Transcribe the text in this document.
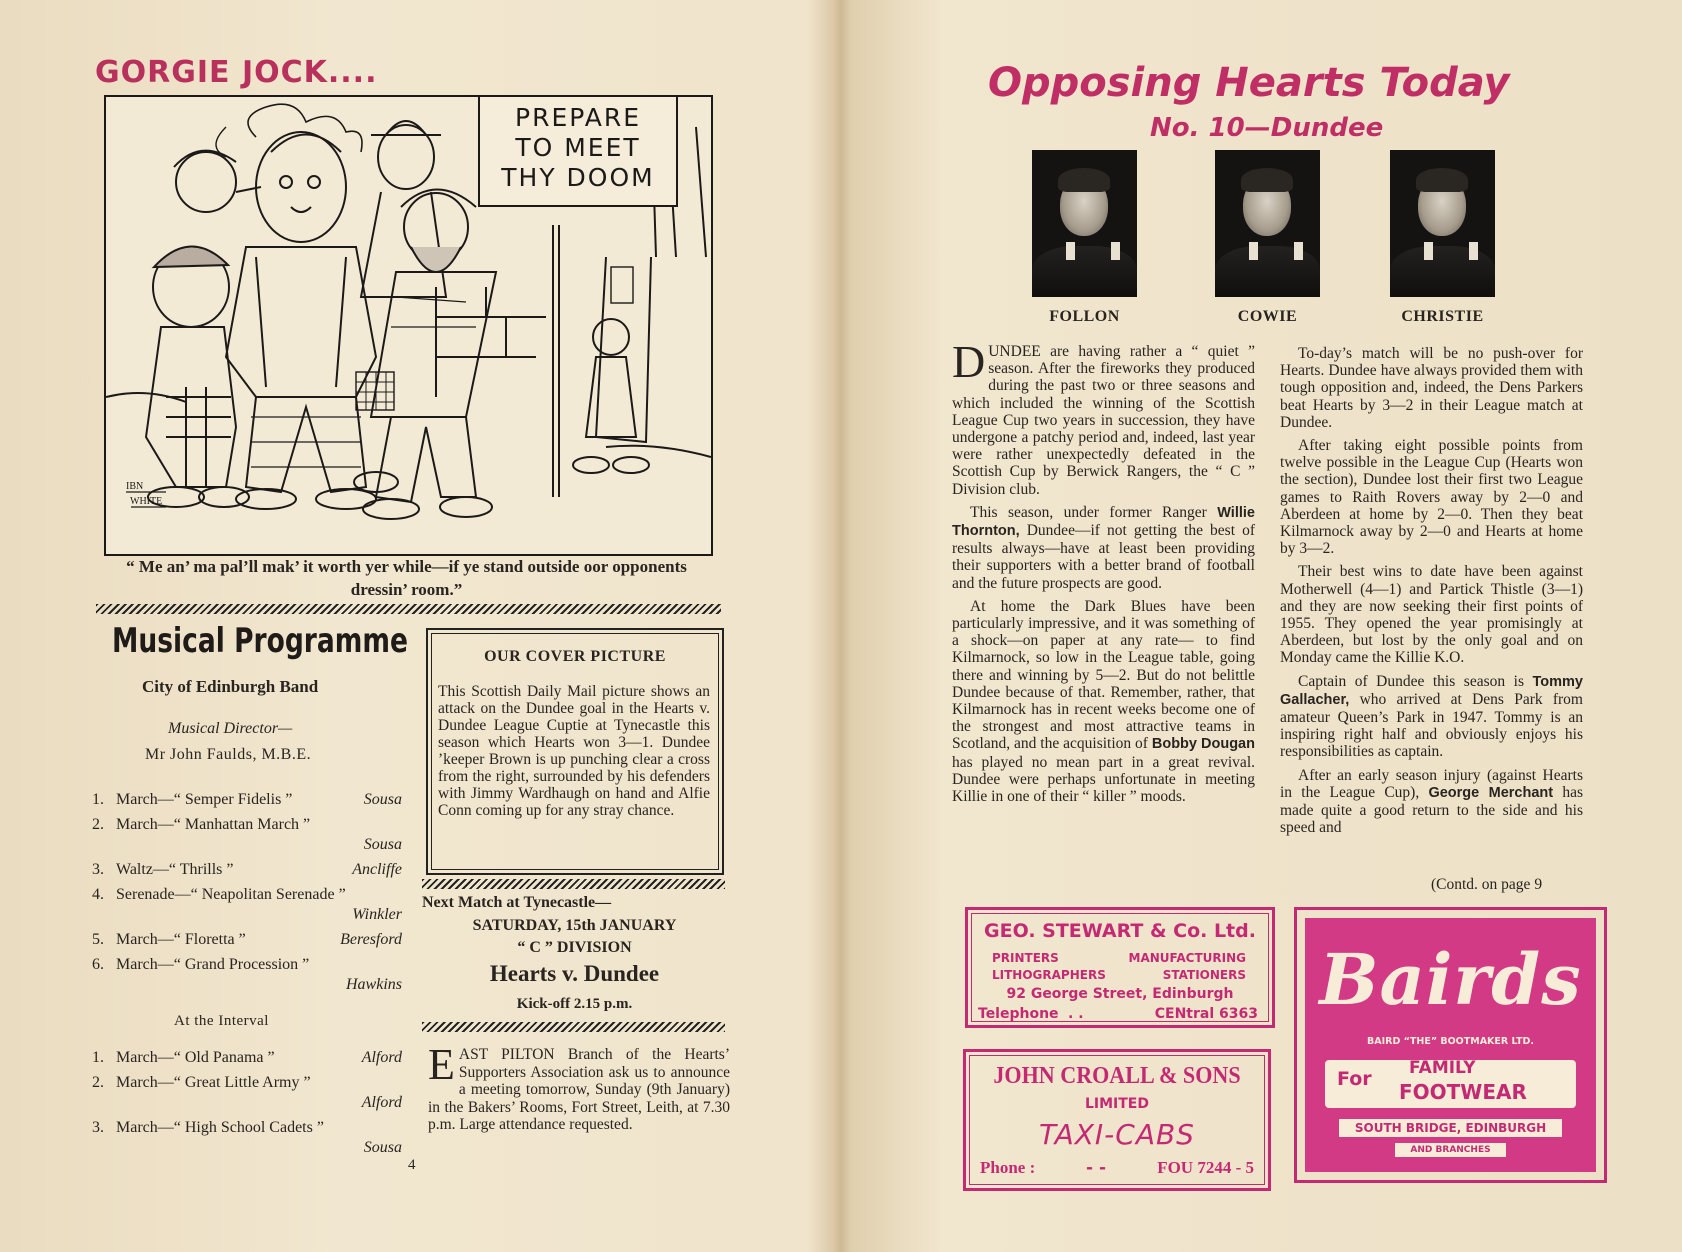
GORGIE JOCK....
IBN
WHITE
PREPARE
TO MEET
THY DOOM
“ Me an’ ma pal’ll mak’ it worth yer while—if ye stand outside oor opponents dressin’ room.”
Musical Programme
City of Edinburgh Band
Musical Director—
Mr John Faulds, M.B.E.
1. March—“ Semper Fidelis ”	Sousa
2. March—“ Manhattan March ”
Sousa
3. Waltz—“ Thrills ”	Ancliffe
4. Serenade—“ Neapolitan Serenade ”
Winkler
5. March—“ Floretta ”	Beresford
6. March—“ Grand Procession ”
Hawkins
At the Interval
1. March—“ Old Panama ”	Alford
2. March—“ Great Little Army ”
Alford
3. March—“ High School Cadets ”
Sousa
OUR COVER PICTURE
This Scottish Daily Mail picture shows an attack on the Dundee goal in the Hearts v. Dundee League Cuptie at Tynecastle this season which Hearts won 3—1. Dundee ’keeper Brown is up punching clear a cross from the right, surrounded by his defenders with Jimmy Wardhaugh on hand and Alfie Conn coming up for any stray chance.
Next Match at Tynecastle—
SATURDAY, 15th JANUARY
“ C ” DIVISION
Hearts v. Dundee
Kick-off 2.15 p.m.
EAST PILTON Branch of the Hearts’ Supporters Association ask us to announce a meeting tomorrow, Sunday (9th January) in the Bakers’ Rooms, Fort Street, Leith, at 7.30 p.m. Large attendance requested.
4
Opposing Hearts Today
No. 10—Dundee
FOLLON	COWIE	CHRISTIE

DUNDEE are having rather a “ quiet ” season. After the fireworks they produced during the past two or three seasons and which included the winning of the Scottish League Cup two years in succession, they have undergone a patchy period and, indeed, last year were rather unexpectedly defeated in the Scottish Cup by Berwick Rangers, the “ C ” Division club.

This season, under former Ranger Willie Thornton, Dundee—if not getting the best of results always—have at least been providing their supporters with a better brand of football and the future prospects are good.

At home the Dark Blues have been particularly impressive, and it was something of a shock—on paper at any rate— to find Kilmarnock, so low in the League table, going there and winning by 5—2. But do not belittle Dundee because of that. Remember, rather, that Kilmarnock has in recent weeks become one of the strongest and most attractive teams in Scotland, and the acquisition of Bobby Dougan has played no mean part in a great revival. Dundee were perhaps unfortunate in meeting Killie in one of their “ killer ” moods.

To-day’s match will be no push-over for Hearts. Dundee have always provided them with tough opposition and, indeed, the Dens Parkers beat Hearts by 3—2 in their League match at Dundee.

After taking eight possible points from twelve possible in the League Cup (Hearts won the section), Dundee lost their first two League games to Raith Rovers away by 2—0 and Aberdeen at home by 2—0. Then they beat Kilmarnock away by 2—0 and Hearts at home by 3—2.

Their best wins to date have been against Motherwell (4—1) and Partick Thistle (3—1) and they are now seeking their first points of 1955. They opened the year promisingly at Aberdeen, but lost by the only goal and on Monday came the Killie K.O.

Captain of Dundee this season is Tommy Gallacher, who arrived at Dens Park from amateur Queen’s Park in 1947. Tommy is an inspiring right half and obviously enjoys his responsibilities as captain.

After an early season injury (against Hearts in the League Cup), George Merchant has made quite a good return to the side and his speed and

(Contd. on page 9
GEO. STEWART & Co. Ltd.
PRINTERS	MANUFACTURING
LITHOGRAPHERS	STATIONERS
92 George Street, Edinburgh
Telephone . .	CENtral 6363
JOHN CROALL & SONS
LIMITED
TAXI-CABS
Phone :	- -	FOU 7244 - 5
Bairds
BAIRD “THE” BOOTMAKER LTD.
For FAMILY
FOOTWEAR
SOUTH BRIDGE, EDINBURGH
AND BRANCHES
